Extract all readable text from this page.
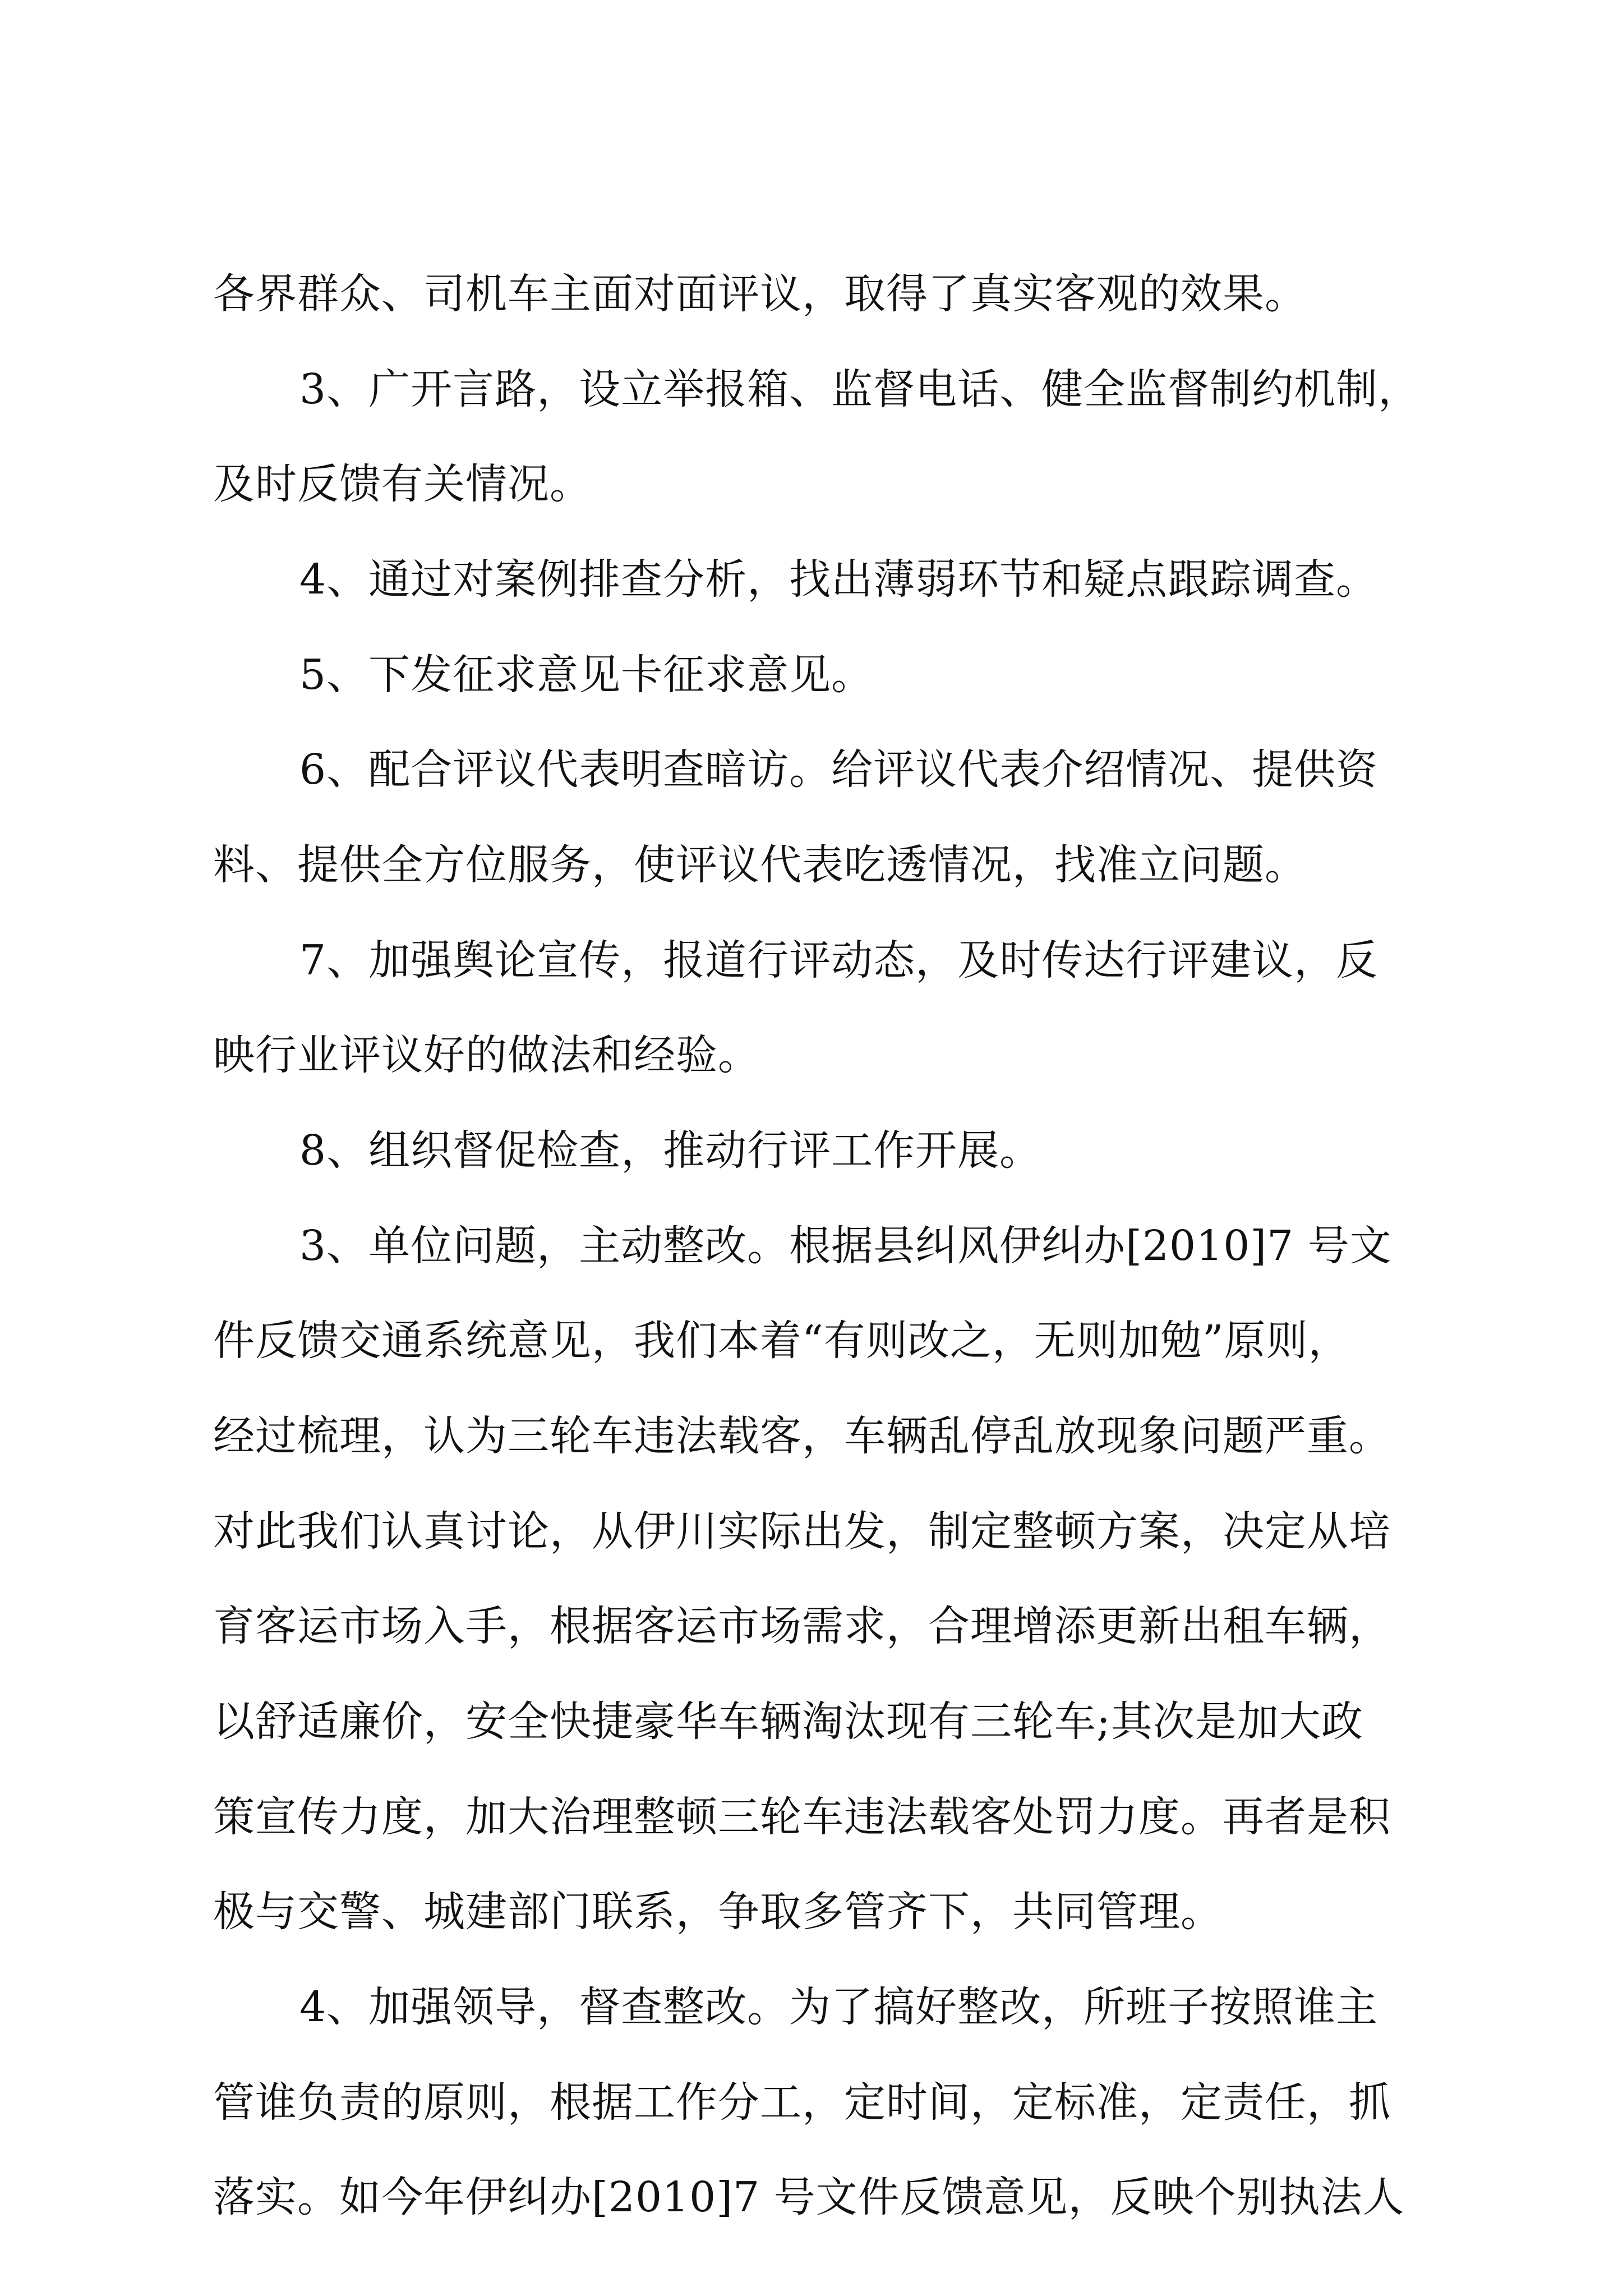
各界群众、司机车主面对面评议，取得了真实客观的效果。
3、广开言路，设立举报箱、监督电话、健全监督制约机制，
及时反馈有关情况。
4、通过对案例排查分析，找出薄弱环节和疑点跟踪调查。
5、下发征求意见卡征求意见。
6、配合评议代表明查暗访。给评议代表介绍情况、提供资
料、提供全方位服务，使评议代表吃透情况，找准立问题。
7、加强舆论宣传，报道行评动态，及时传达行评建议，反
映行业评议好的做法和经验。
8、组织督促检查，推动行评工作开展。
3、单位问题，主动整改。根据县纠风伊纠办[2010]7 号文
件反馈交通系统意见，我们本着“有则改之，无则加勉”原则，
经过梳理，认为三轮车违法载客，车辆乱停乱放现象问题严重。
对此我们认真讨论，从伊川实际出发，制定整顿方案，决定从培
育客运市场入手，根据客运市场需求，合理增添更新出租车辆，
以舒适廉价，安全快捷豪华车辆淘汰现有三轮车;其次是加大政
策宣传力度，加大治理整顿三轮车违法载客处罚力度。再者是积
极与交警、城建部门联系，争取多管齐下，共同管理。
4、加强领导，督查整改。为了搞好整改，所班子按照谁主
管谁负责的原则，根据工作分工，定时间，定标准，定责任，抓
落实。如今年伊纠办[2010]7 号文件反馈意见，反映个别执法人
